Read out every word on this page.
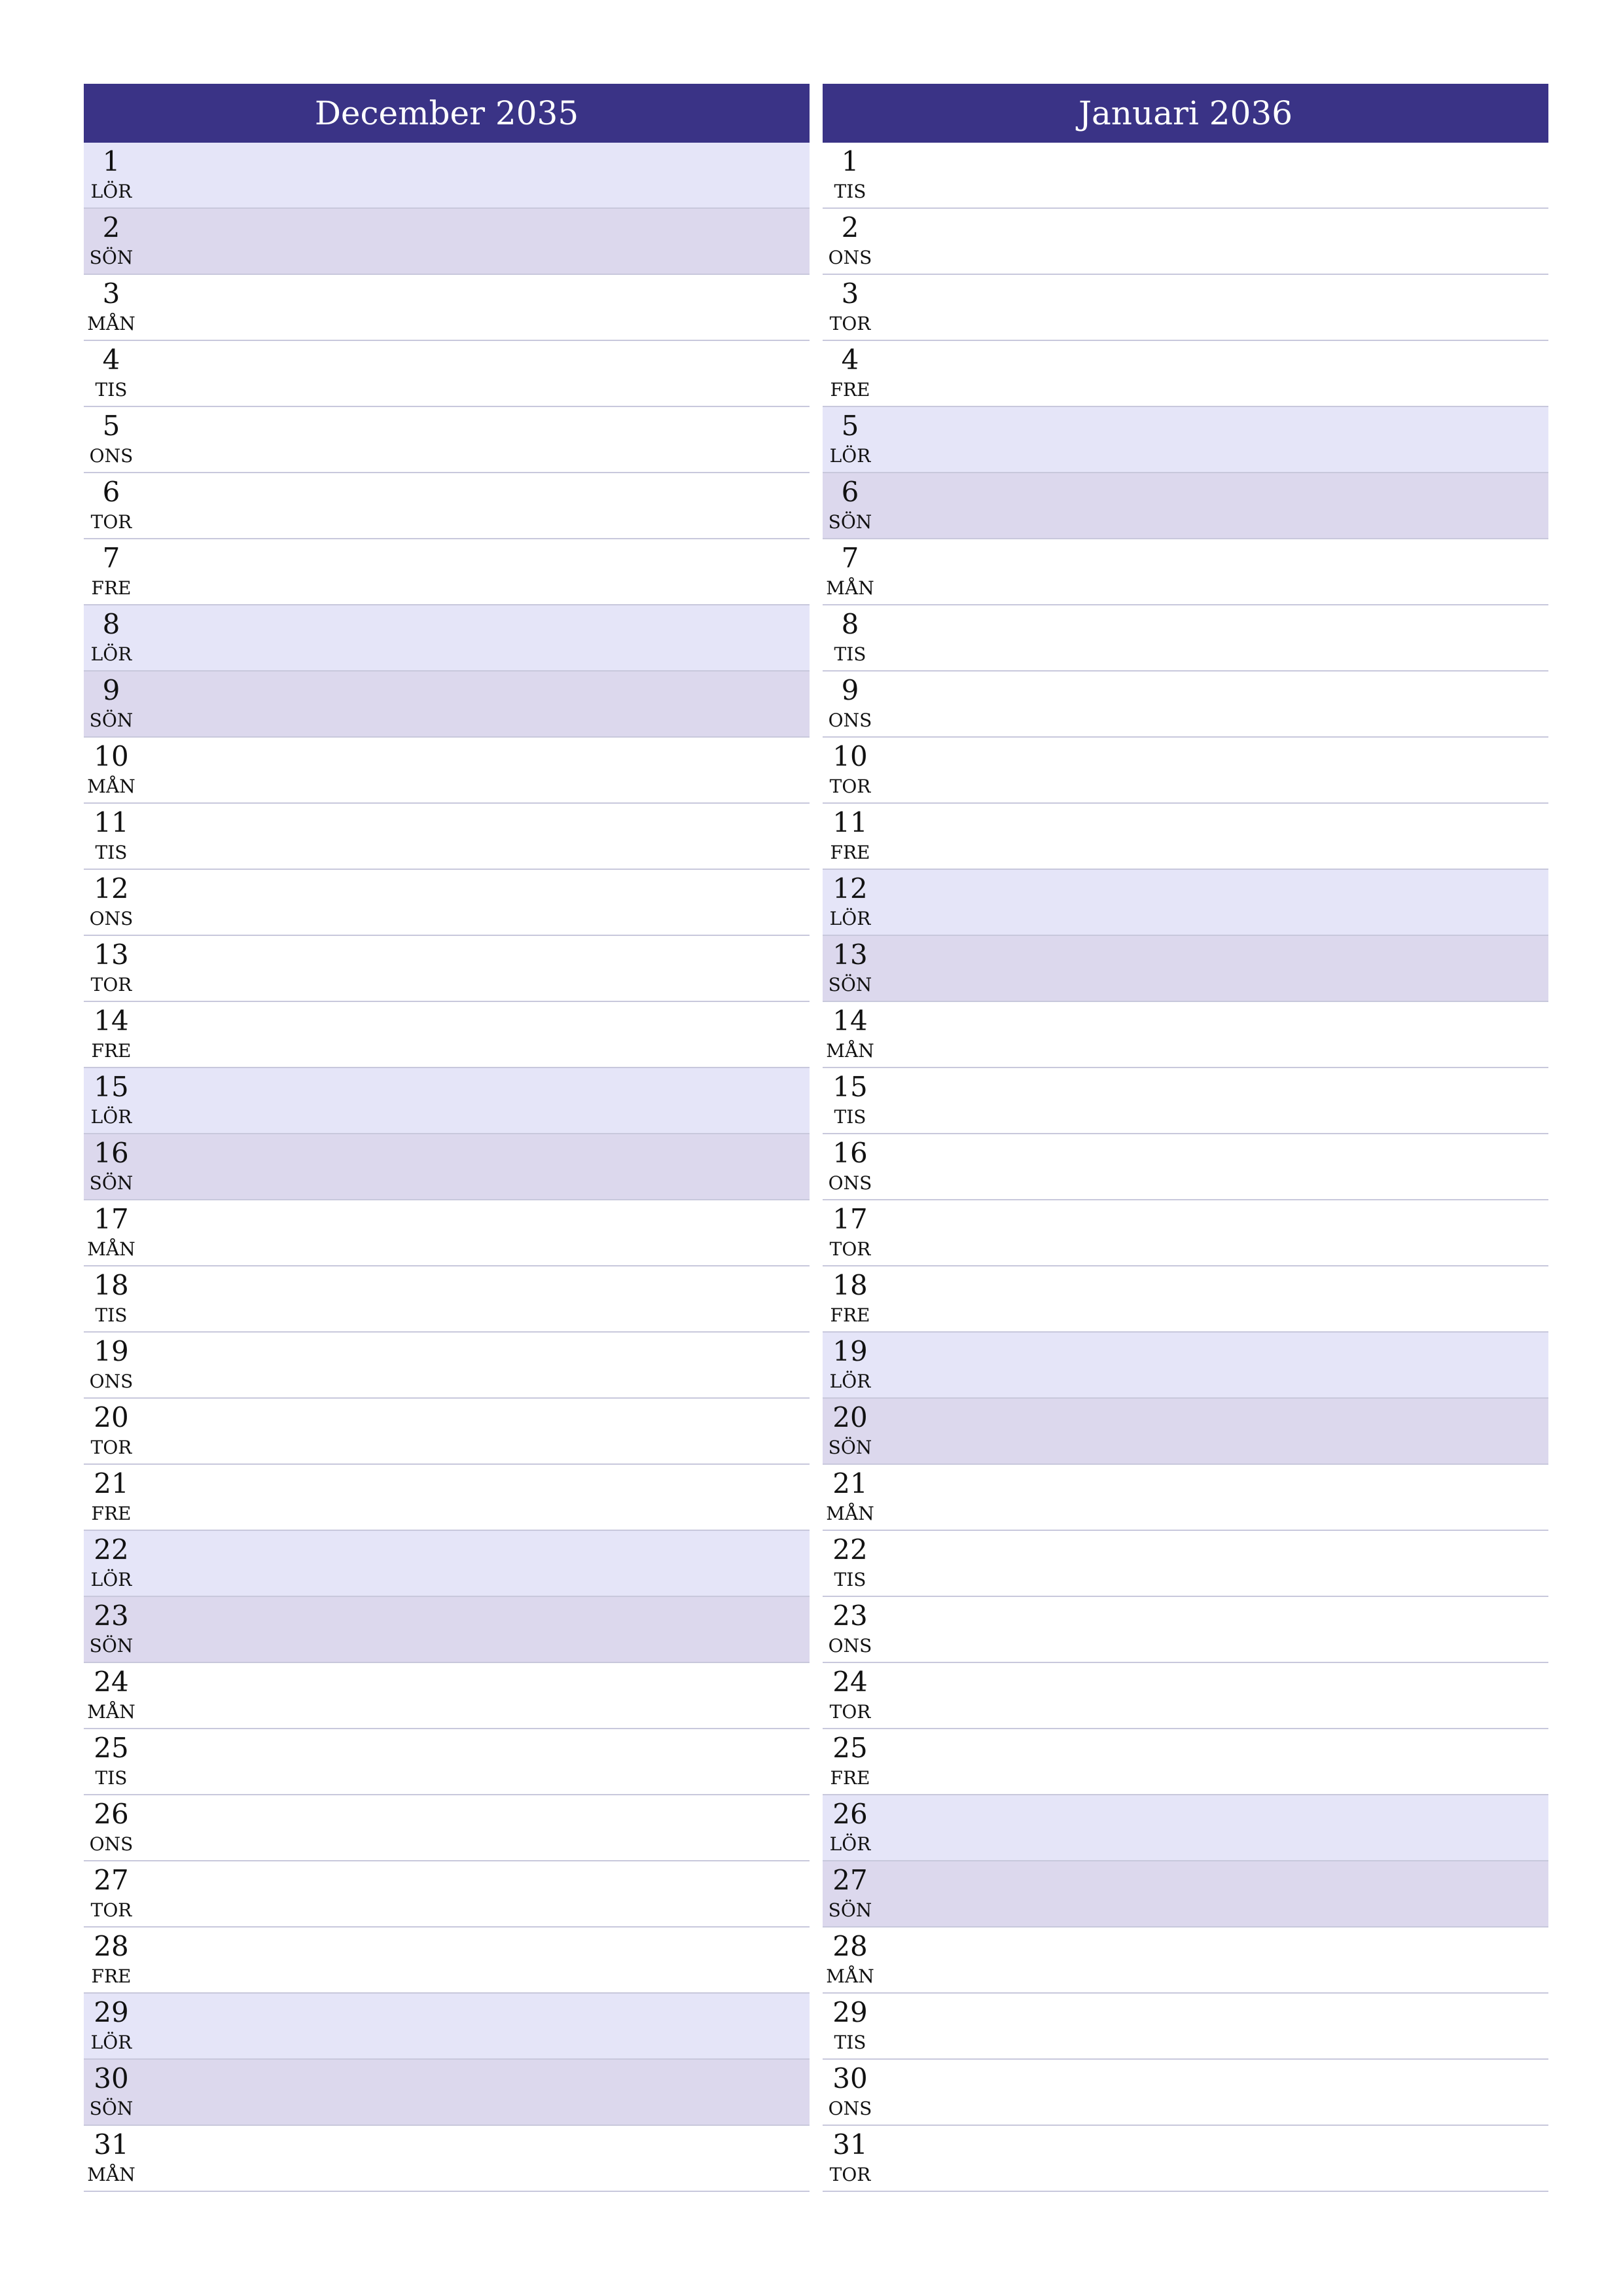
December 2035
1
LÖR
2
SÖN
3
MÅN
4
TIS
5
ONS
6
TOR
7
FRE
8
LÖR
9
SÖN
10
MÅN
11
TIS
12
ONS
13
TOR
14
FRE
15
LÖR
16
SÖN
17
MÅN
18
TIS
19
ONS
20
TOR
21
FRE
22
LÖR
23
SÖN
24
MÅN
25
TIS
26
ONS
27
TOR
28
FRE
29
LÖR
30
SÖN
31
MÅN
Januari 2036
1
TIS
2
ONS
3
TOR
4
FRE
5
LÖR
6
SÖN
7
MÅN
8
TIS
9
ONS
10
TOR
11
FRE
12
LÖR
13
SÖN
14
MÅN
15
TIS
16
ONS
17
TOR
18
FRE
19
LÖR
20
SÖN
21
MÅN
22
TIS
23
ONS
24
TOR
25
FRE
26
LÖR
27
SÖN
28
MÅN
29
TIS
30
ONS
31
TOR
